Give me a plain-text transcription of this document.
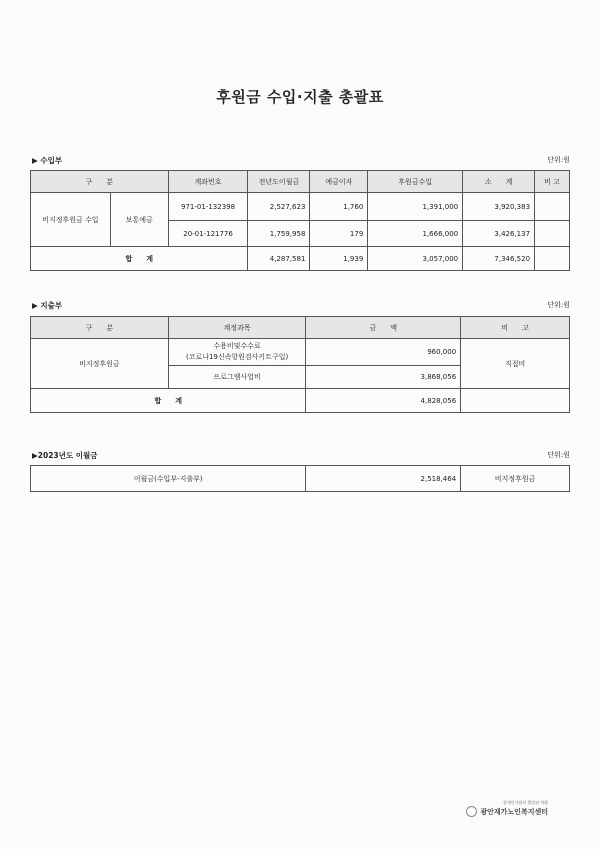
후원금 수입·지출 총괄표
▶ 수입부	단위:원
구　　분		계좌번호	전년도이월금	예금이자	후원금수입	소　　계	비 고
비지정후원금 수입	보통예금	971-01-132398	2,527,623	1,760	1,391,000	3,920,383	
		20-01-121776	1,759,958	179	1,666,000	3,426,137	
합　　계			4,287,581	1,939	3,057,000	7,346,520	
▶ 지출부	단위:원
구　　분	계정과목	금　　액	비　　고
비지정후원금	수용비및수수료
(코로나19신속항원검사키트구입)	960,000	직접비
	프로그램사업비	3,868,056	
합　　계		4,828,056	
▶2023년도 이월금	단위:원
이월금(수입부-지출부)	2,518,464	비지정후원금
장애인자립의 출발점 역량
광안재가노인복지센터
